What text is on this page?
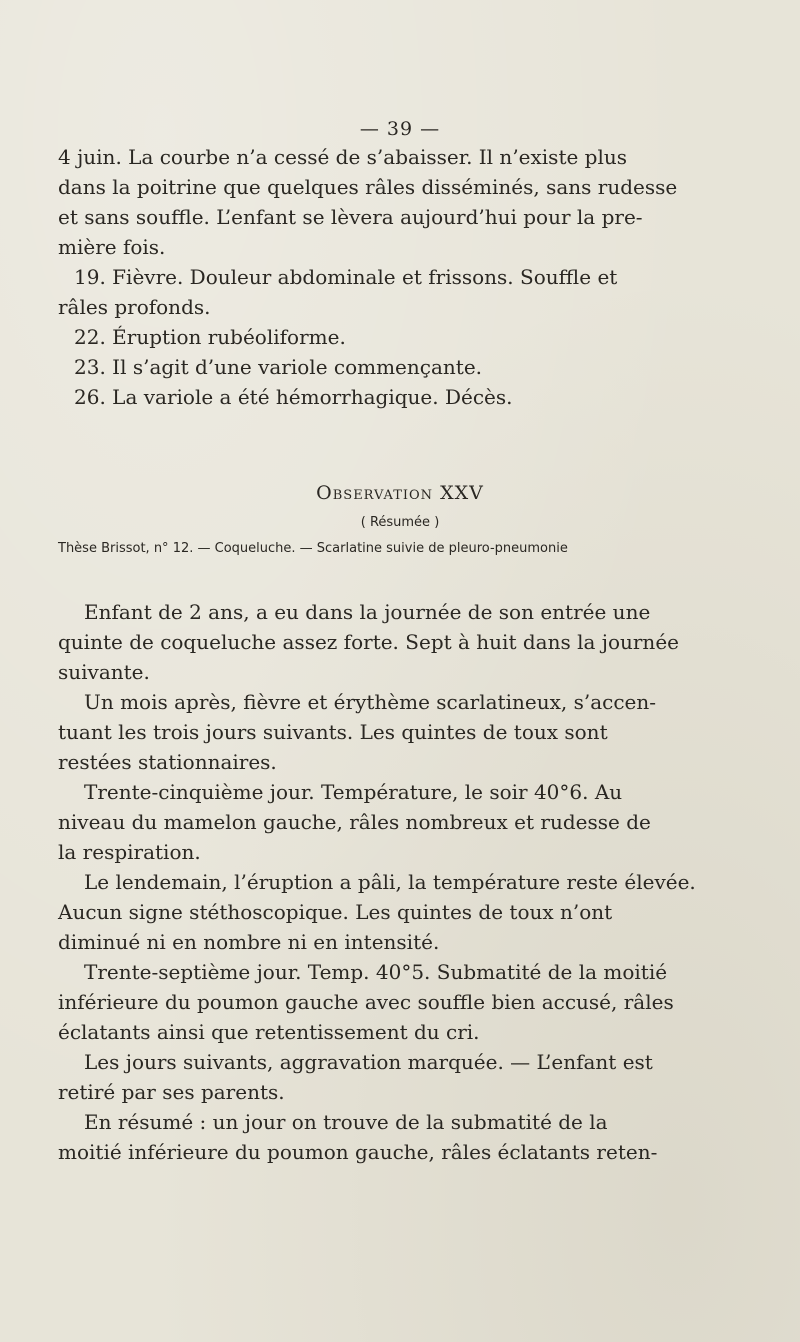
— 39 —

4 juin. La courbe n’a cessé de s’abaisser. Il n’existe plus
dans la poitrine que quelques râles disséminés, sans rudesse
et sans souffle. L’enfant se lèvera aujourd’hui pour la pre-
mière fois.

19. Fièvre. Douleur abdominale et frissons. Souffle et
râles profonds.

22. Éruption rubéoliforme.

23. Il s’agit d’une variole commençante.

26. La variole a été hémorrhagique. Décès.

Observation XXV
( Résumée )
Thèse Brissot, n° 12. — Coqueluche. — Scarlatine suivie de pleuro-pneumonie

Enfant de 2 ans, a eu dans la journée de son entrée une
quinte de coqueluche assez forte. Sept à huit dans la journée
suivante.

Un mois après, fièvre et érythème scarlatineux, s’accen-
tuant les trois jours suivants. Les quintes de toux sont
restées stationnaires.

Trente-cinquième jour. Température, le soir 40°6. Au
niveau du mamelon gauche, râles nombreux et rudesse de
la respiration.

Le lendemain, l’éruption a pâli, la température reste élevée.
Aucun signe stéthoscopique. Les quintes de toux n’ont
diminué ni en nombre ni en intensité.

Trente-septième jour. Temp. 40°5. Submatité de la moitié
inférieure du poumon gauche avec souffle bien accusé, râles
éclatants ainsi que retentissement du cri.

Les jours suivants, aggravation marquée. — L’enfant est
retiré par ses parents.

En résumé : un jour on trouve de la submatité de la
moitié inférieure du poumon gauche, râles éclatants reten-
